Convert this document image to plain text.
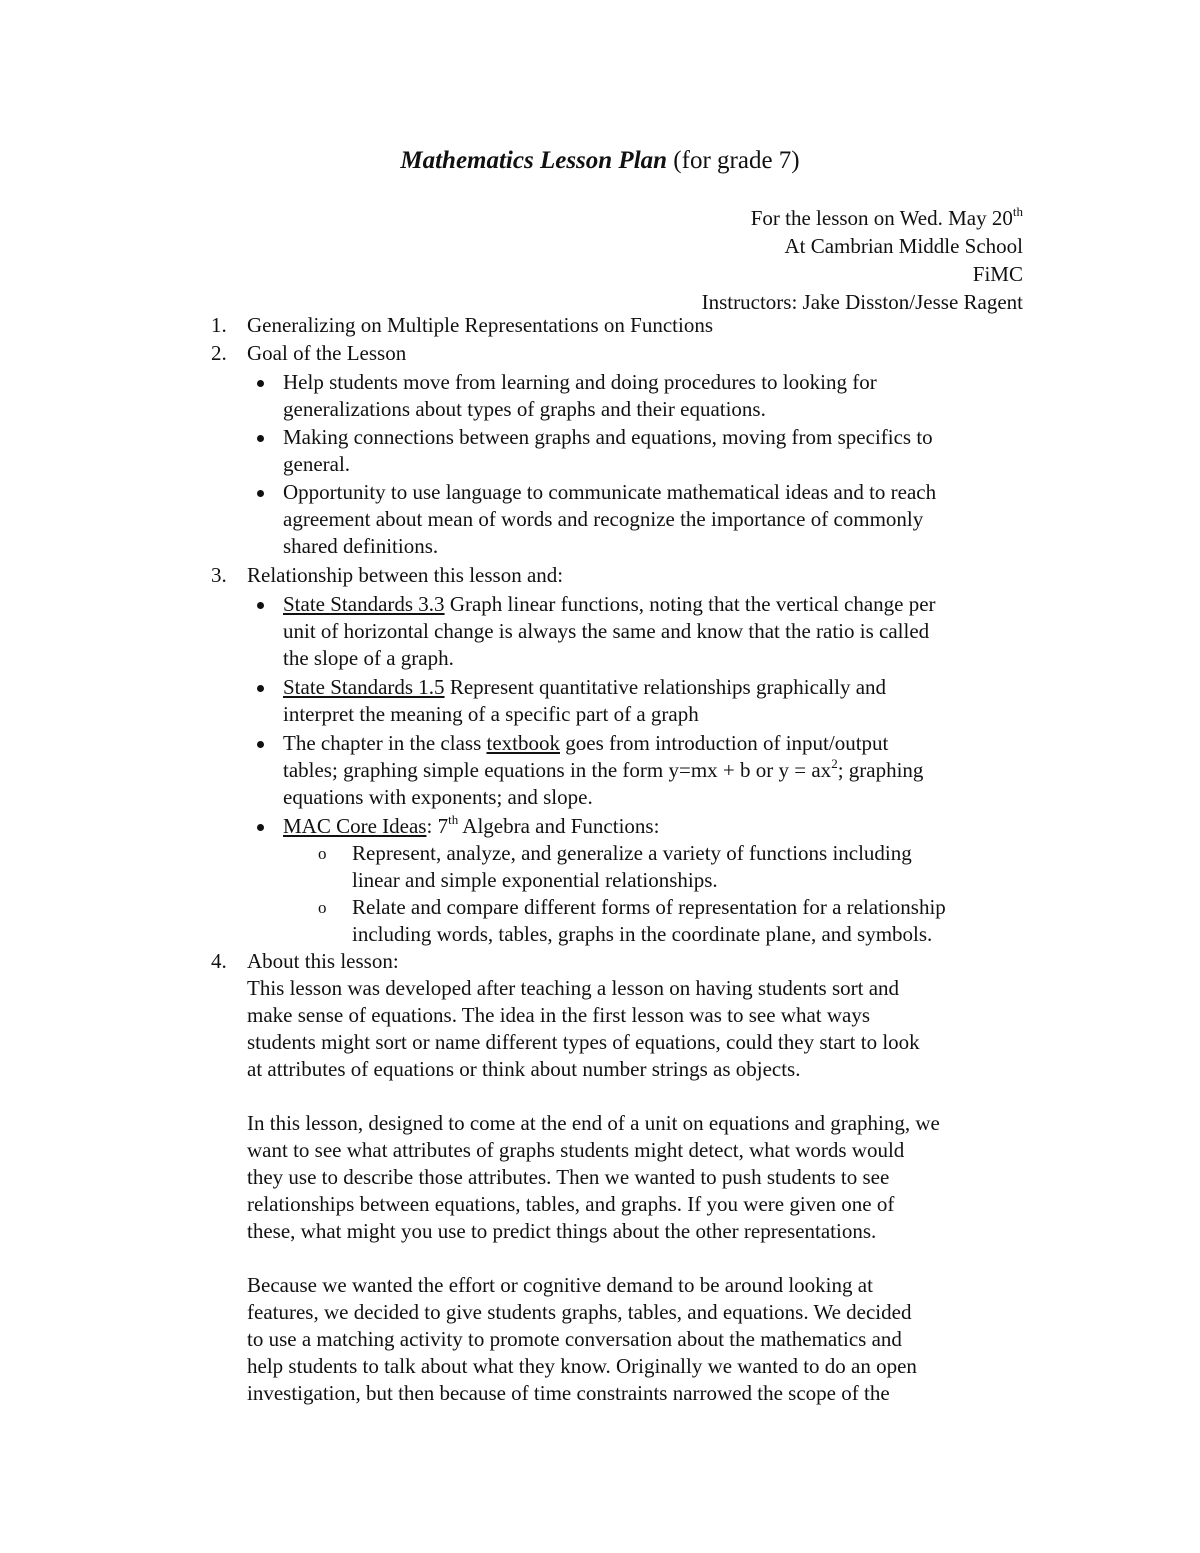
Mathematics Lesson Plan (for grade 7)
For the lesson on Wed. May 20th
At Cambrian Middle School
FiMC
Instructors: Jake Disston/Jesse Ragent
1. Generalizing on Multiple Representations on Functions
2. Goal of the Lesson
Help students move from learning and doing procedures to looking for
generalizations about types of graphs and their equations.
Making connections between graphs and equations, moving from specifics to
general.
Opportunity to use language to communicate mathematical ideas and to reach
agreement about mean of words and recognize the importance of commonly
shared definitions.
3. Relationship between this lesson and:
State Standards 3.3 Graph linear functions, noting that the vertical change per
unit of horizontal change is always the same and know that the ratio is called
the slope of a graph.
State Standards 1.5 Represent quantitative relationships graphically and
interpret the meaning of a specific part of a graph
The chapter in the class textbook goes from introduction of input/output
tables; graphing simple equations in the form y=mx + b or $y = ax^2$; graphing
equations with exponents; and slope.
MAC Core Ideas: 7th Algebra and Functions:
o Represent, analyze, and generalize a variety of functions including
linear and simple exponential relationships.
o Relate and compare different forms of representation for a relationship
including words, tables, graphs in the coordinate plane, and symbols.
4. About this lesson:
This lesson was developed after teaching a lesson on having students sort and
make sense of equations. The idea in the first lesson was to see what ways
students might sort or name different types of equations, could they start to look
at attributes of equations or think about number strings as objects.
In this lesson, designed to come at the end of a unit on equations and graphing, we
want to see what attributes of graphs students might detect, what words would
they use to describe those attributes. Then we wanted to push students to see
relationships between equations, tables, and graphs. If you were given one of
these, what might you use to predict things about the other representations.
Because we wanted the effort or cognitive demand to be around looking at
features, we decided to give students graphs, tables, and equations. We decided
to use a matching activity to promote conversation about the mathematics and
help students to talk about what they know. Originally we wanted to do an open
investigation, but then because of time constraints narrowed the scope of the
